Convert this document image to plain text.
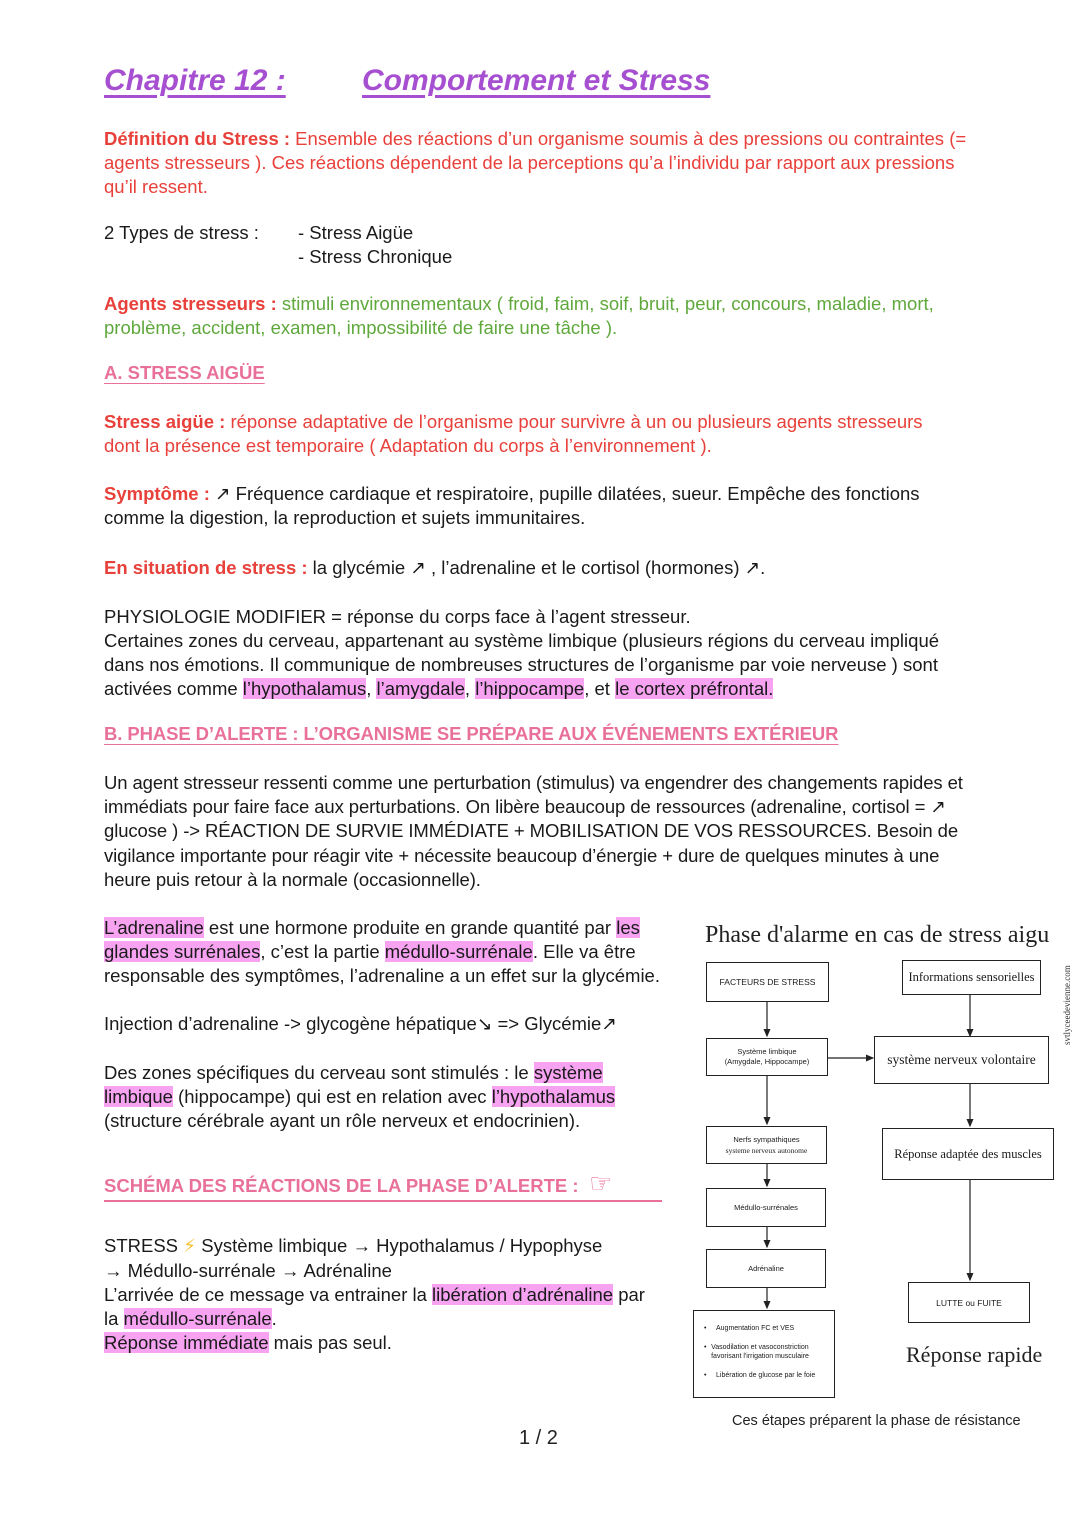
Chapitre 12 :	Comportement et Stress

Définition du Stress : Ensemble des réactions d’un organisme soumis à des pressions ou contraintes (= agents stresseurs ). Ces réactions dépendent de la perceptions qu’a l’individu par rapport aux pressions qu’il ressent.

2 Types de stress : - Stress Aigüe
- Stress Chronique

Agents stresseurs : stimuli environnementaux ( froid, faim, soif, bruit, peur, concours, maladie, mort, problème, accident, examen, impossibilité de faire une tâche ).

A. STRESS AIGÜE

Stress aigüe : réponse adaptative de l’organisme pour survivre à un ou plusieurs agents stresseurs dont la présence est temporaire ( Adaptation du corps à l’environnement ).

Symptôme : ↗ Fréquence cardiaque et respiratoire, pupille dilatées, sueur. Empêche des fonctions comme la digestion, la reproduction et sujets immunitaires.

En situation de stress : la glycémie ↗ , l’adrenaline et le cortisol (hormones) ↗.

PHYSIOLOGIE MODIFIER = réponse du corps face à l’agent stresseur.

Certaines zones du cerveau, appartenant au système limbique (plusieurs régions du cerveau impliqué dans nos émotions. Il communique de nombreuses structures de l’organisme par voie nerveuse ) sont activées comme l’hypothalamus, l’amygdale, l’hippocampe, et le cortex préfrontal.

B. PHASE D’ALERTE : L’ORGANISME SE PRÉPARE AUX ÉVÉNEMENTS EXTÉRIEUR

Un agent stresseur ressenti comme une perturbation (stimulus) va engendrer des changements rapides et immédiats pour faire face aux perturbations. On libère beaucoup de ressources (adrenaline, cortisol = ↗ glucose ) -> RÉACTION DE SURVIE IMMÉDIATE + MOBILISATION DE VOS RESSOURCES. Besoin de vigilance importante pour réagir vite + nécessite beaucoup d’énergie + dure de quelques minutes à une heure puis retour à la normale (occasionnelle).

L’adrenaline est une hormone produite en grande quantité par les glandes surrénales, c’est la partie médullo-surrénale. Elle va être responsable des symptômes, l’adrenaline a un effet sur la glycémie.

Injection d’adrenaline -> glycogène hépatique↘ => Glycémie↗

Des zones spécifiques du cerveau sont stimulés : le système limbique (hippocampe) qui est en relation avec l’hypothalamus (structure cérébrale ayant un rôle nerveux et endocrinien).

SCHÉMA DES RÉACTIONS DE LA PHASE D’ALERTE : ☞

STRESS ⚡ Système limbique → Hypothalamus / Hypophyse

→ Médullo-surrénale → Adrénaline

L’arrivée de ce message va entrainer la libération d’adrénaline par la médullo-surrénale.
Réponse immédiate mais pas seul.

Phase d'alarme en cas de stress aigu
FACTEURS DE STRESS
Système limbique
(Amygdale, Hippocampe)
Nerfs sympathiques
systeme nerveux autonome
Médullo-surrénales
Adrénaline
•	Augmentation FC et VES
• Vasodilation et vasoconstriction favorisant l'irrigation musculaire
•	Libération de glucose par le foie
Informations sensorielles
système nerveux volontaire
Réponse adaptée des muscles
LUTTE ou FUITE
Réponse rapide
svtlyceedevienne.com
Ces étapes préparent la phase de résistance
1 / 2
